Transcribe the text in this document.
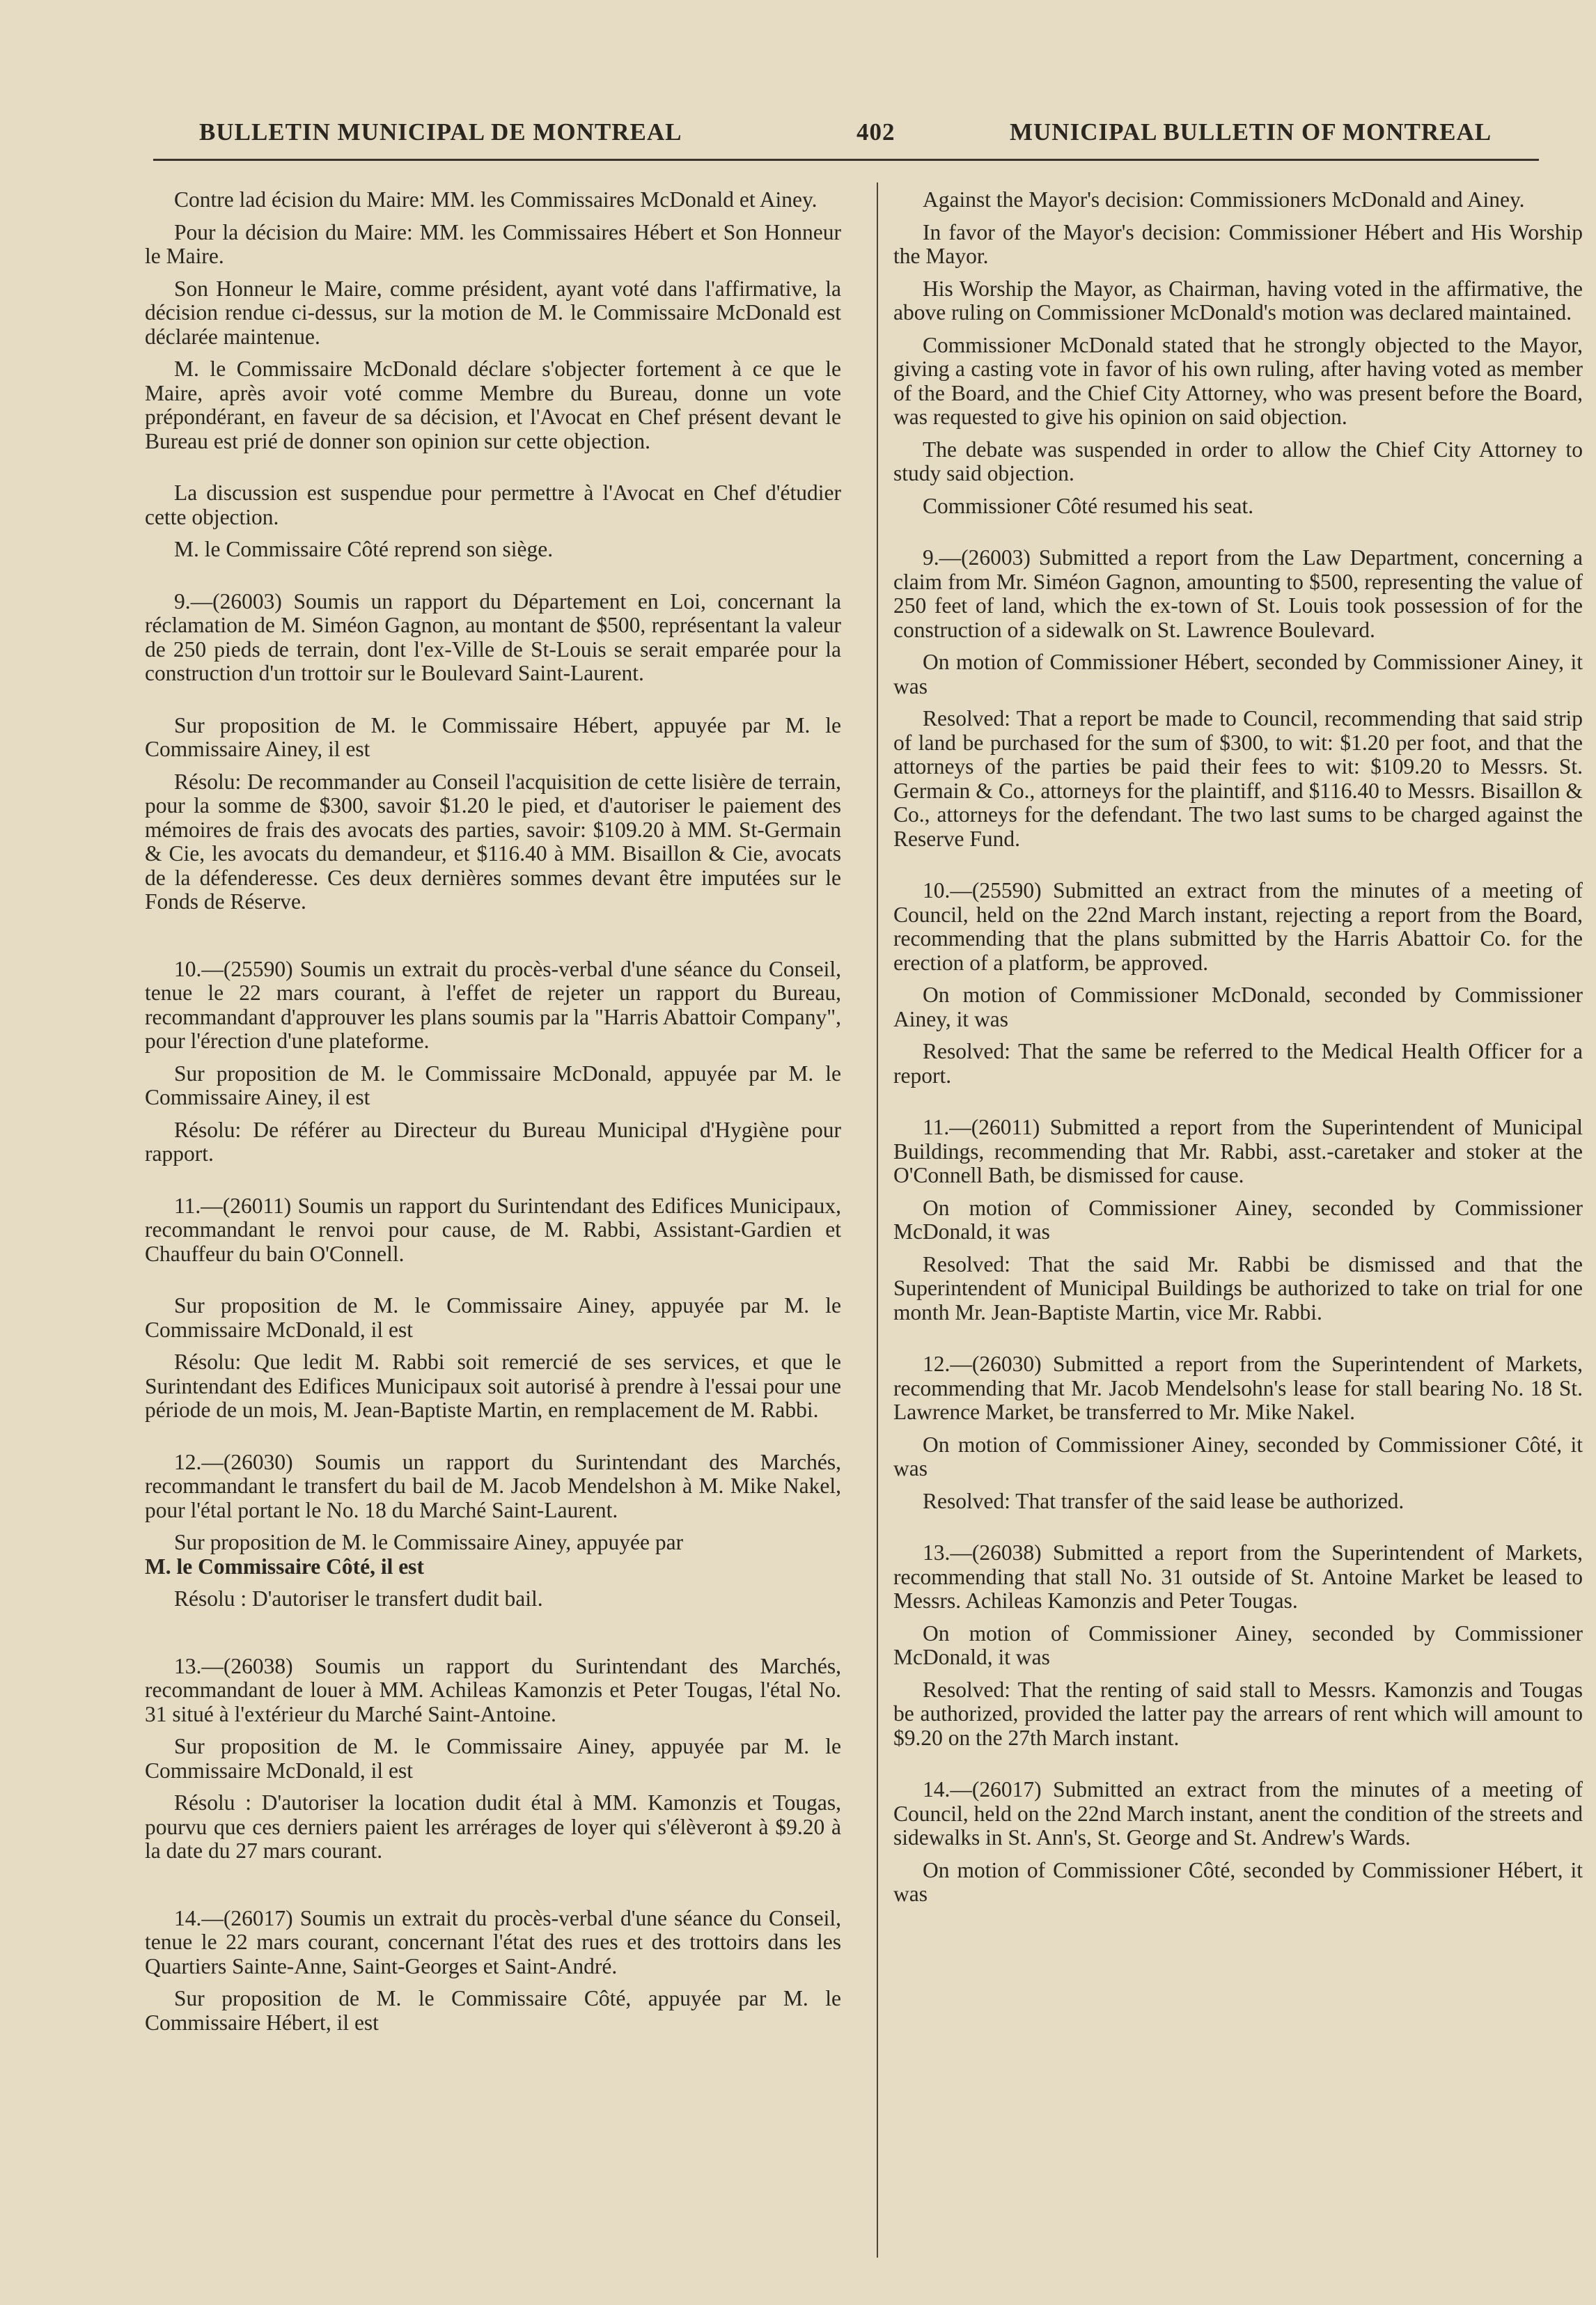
BULLETIN MUNICIPAL DE MONTREAL	402	MUNICIPAL BULLETIN OF MONTREAL

Contre lad écision du Maire: MM. les Commissaires McDonald et Ainey.

Pour la décision du Maire: MM. les Commissaires Hébert et Son Honneur le Maire.

Son Honneur le Maire, comme président, ayant voté dans l'affirmative, la décision rendue ci-dessus, sur la motion de M. le Commissaire McDonald est déclarée maintenue.

M. le Commissaire McDonald déclare s'objecter fortement à ce que le Maire, après avoir voté comme Membre du Bureau, donne un vote prépondérant, en faveur de sa décision, et l'Avocat en Chef présent devant le Bureau est prié de donner son opinion sur cette objection.

La discussion est suspendue pour permettre à l'Avocat en Chef d'étudier cette objection.

M. le Commissaire Côté reprend son siège.

9.—(26003) Soumis un rapport du Département en Loi, concernant la réclamation de M. Siméon Gagnon, au montant de $500, représentant la valeur de 250 pieds de terrain, dont l'ex-Ville de St-Louis se serait emparée pour la construction d'un trottoir sur le Boulevard Saint-Laurent.

Sur proposition de M. le Commissaire Hébert, appuyée par M. le Commissaire Ainey, il est

Résolu: De recommander au Conseil l'acquisition de cette lisière de terrain, pour la somme de $300, savoir $1.20 le pied, et d'autoriser le paiement des mémoires de frais des avocats des parties, savoir: $109.20 à MM. St-Germain & Cie, les avocats du demandeur, et $116.40 à MM. Bisaillon & Cie, avocats de la défenderesse. Ces deux dernières sommes devant être imputées sur le Fonds de Réserve.

10.—(25590) Soumis un extrait du procès-verbal d'une séance du Conseil, tenue le 22 mars courant, à l'effet de rejeter un rapport du Bureau, recommandant d'approuver les plans soumis par la "Harris Abattoir Company", pour l'érection d'une plateforme.

Sur proposition de M. le Commissaire McDonald, appuyée par M. le Commissaire Ainey, il est

Résolu: De référer au Directeur du Bureau Municipal d'Hygiène pour rapport.

11.—(26011) Soumis un rapport du Surintendant des Edifices Municipaux, recommandant le renvoi pour cause, de M. Rabbi, Assistant-Gardien et Chauffeur du bain O'Connell.

Sur proposition de M. le Commissaire Ainey, appuyée par M. le Commissaire McDonald, il est

Résolu: Que ledit M. Rabbi soit remercié de ses services, et que le Surintendant des Edifices Municipaux soit autorisé à prendre à l'essai pour une période de un mois, M. Jean-Baptiste Martin, en remplacement de M. Rabbi.

12.—(26030) Soumis un rapport du Surintendant des Marchés, recommandant le transfert du bail de M. Jacob Mendelshon à M. Mike Nakel, pour l'étal portant le No. 18 du Marché Saint-Laurent.

Sur proposition de M. le Commissaire Ainey, appuyée par

M. le Commissaire Côté, il est

Résolu : D'autoriser le transfert dudit bail.

13.—(26038) Soumis un rapport du Surintendant des Marchés, recommandant de louer à MM. Achileas Kamonzis et Peter Tougas, l'étal No. 31 situé à l'extérieur du Marché Saint-Antoine.

Sur proposition de M. le Commissaire Ainey, appuyée par M. le Commissaire McDonald, il est

Résolu : D'autoriser la location dudit étal à MM. Kamonzis et Tougas, pourvu que ces derniers paient les arrérages de loyer qui s'élèveront à $9.20 à la date du 27 mars courant.

14.—(26017) Soumis un extrait du procès-verbal d'une séance du Conseil, tenue le 22 mars courant, concernant l'état des rues et des trottoirs dans les Quartiers Sainte-Anne, Saint-Georges et Saint-André.

Sur proposition de M. le Commissaire Côté, appuyée par M. le Commissaire Hébert, il est

Against the Mayor's decision: Commissioners McDonald and Ainey.

In favor of the Mayor's decision: Commissioner Hébert and His Worship the Mayor.

His Worship the Mayor, as Chairman, having voted in the affirmative, the above ruling on Commissioner McDonald's motion was declared maintained.

Commissioner McDonald stated that he strongly objected to the Mayor, giving a casting vote in favor of his own ruling, after having voted as member of the Board, and the Chief City Attorney, who was present before the Board, was requested to give his opinion on said objection.

The debate was suspended in order to allow the Chief City Attorney to study said objection.

Commissioner Côté resumed his seat.

9.—(26003) Submitted a report from the Law Department, concerning a claim from Mr. Siméon Gagnon, amounting to $500, representing the value of 250 feet of land, which the ex-town of St. Louis took possession of for the construction of a sidewalk on St. Lawrence Boulevard.

On motion of Commissioner Hébert, seconded by Commissioner Ainey, it was

Resolved: That a report be made to Council, recommending that said strip of land be purchased for the sum of $300, to wit: $1.20 per foot, and that the attorneys of the parties be paid their fees to wit: $109.20 to Messrs. St. Germain & Co., attorneys for the plaintiff, and $116.40 to Messrs. Bisaillon & Co., attorneys for the defendant. The two last sums to be charged against the Reserve Fund.

10.—(25590) Submitted an extract from the minutes of a meeting of Council, held on the 22nd March instant, rejecting a report from the Board, recommending that the plans submitted by the Harris Abattoir Co. for the erection of a platform, be approved.

On motion of Commissioner McDonald, seconded by Commissioner Ainey, it was

Resolved: That the same be referred to the Medical Health Officer for a report.

11.—(26011) Submitted a report from the Superintendent of Municipal Buildings, recommending that Mr. Rabbi, asst.-caretaker and stoker at the O'Connell Bath, be dismissed for cause.

On motion of Commissioner Ainey, seconded by Commissioner McDonald, it was

Resolved: That the said Mr. Rabbi be dismissed and that the Superintendent of Municipal Buildings be authorized to take on trial for one month Mr. Jean-Baptiste Martin, vice Mr. Rabbi.

12.—(26030) Submitted a report from the Superintendent of Markets, recommending that Mr. Jacob Mendelsohn's lease for stall bearing No. 18 St. Lawrence Market, be transferred to Mr. Mike Nakel.

On motion of Commissioner Ainey, seconded by Commissioner Côté, it was

Resolved: That transfer of the said lease be authorized.

13.—(26038) Submitted a report from the Superintendent of Markets, recommending that stall No. 31 outside of St. Antoine Market be leased to Messrs. Achileas Kamonzis and Peter Tougas.

On motion of Commissioner Ainey, seconded by Commissioner McDonald, it was

Resolved: That the renting of said stall to Messrs. Kamonzis and Tougas be authorized, provided the latter pay the arrears of rent which will amount to $9.20 on the 27th March instant.

14.—(26017) Submitted an extract from the minutes of a meeting of Council, held on the 22nd March instant, anent the condition of the streets and sidewalks in St. Ann's, St. George and St. Andrew's Wards.

On motion of Commissioner Côté, seconded by Commissioner Hébert, it was
